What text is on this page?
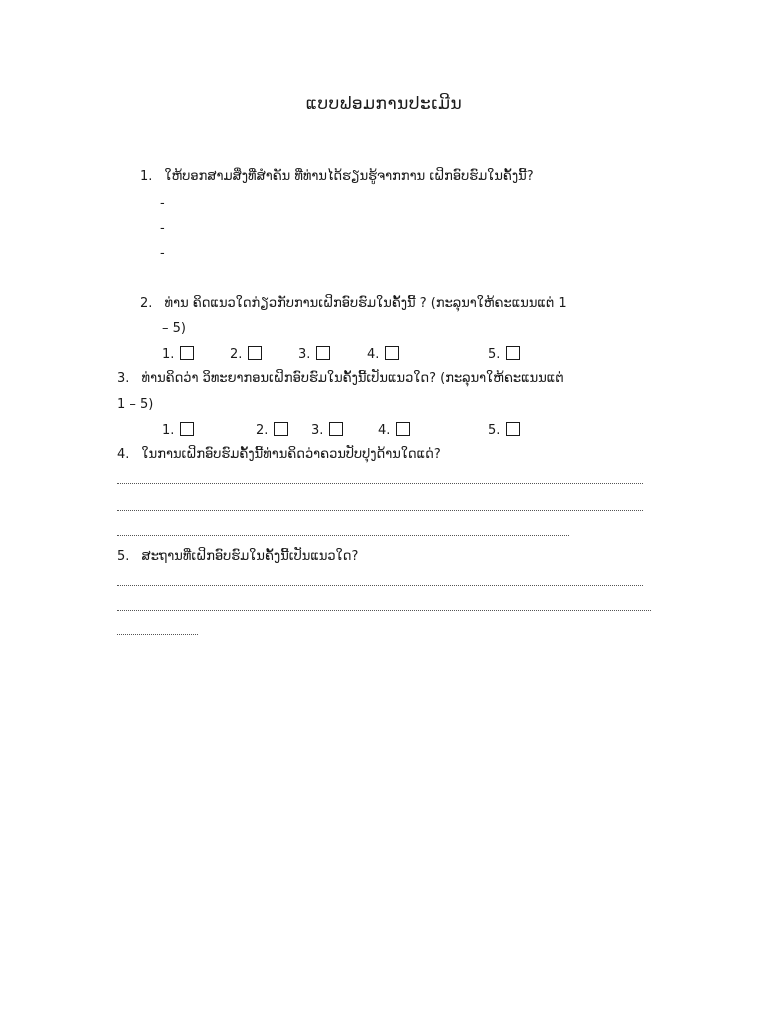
ແບບຟອມການປະເມີນ
1. ໃຫ້ບອກສາມສິ່ງທີ່ສຳຄັນ ທີ່ທ່ານໄດ້ຮຽນຮູ້ຈາກການ ເຝິກອົບຮົມໃນຄັ້ງນີ້?
-
-
-
2. ທ່ານ ຄິດແນວໃດກ່ຽວກັບການເຝິກອົບຮົມໃນຄັ້ງນີ້ ? (ກະລຸນາໃຫ້ຄະແນນແຕ່ 1
– 5)
1.	2.	3.	4.	5.
3. ທ່ານຄິດວ່າ ວິທະຍາກອນເຝິກອົບຮົມໃນຄັ້ງນີ້ເປັນແນວໃດ? (ກະລຸນາໃຫ້ຄະແນນແຕ່
1 – 5)
1.	2.	3.	4.	5.
4. ໃນການເຝິກອົບຮົມຄັ້ງນີ້ທ່ານຄິດວ່າຄວນປັບປຸງດ້ານໃດແດ່?
5. ສະຖານທີ່ເຝິກອົບຮົມໃນຄັ້ງນີ້ເປັນແນວໃດ?
